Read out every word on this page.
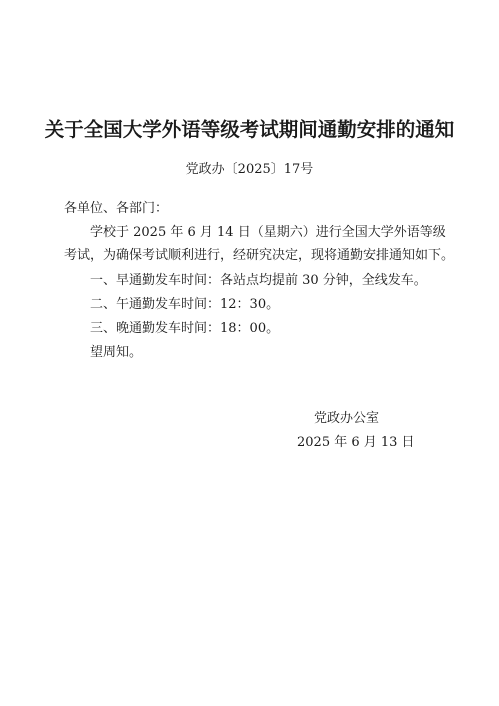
关于全国大学外语等级考试期间通勤安排的通知
党政办〔2025〕17号
各单位、各部门：
学校于 2025 年 6 月 14 日（星期六）进行全国大学外语等级
考试，为确保考试顺利进行，经研究决定，现将通勤安排通知如下。
一、早通勤发车时间：各站点均提前 30 分钟，全线发车。
二、午通勤发车时间：12：30。
三、晚通勤发车时间：18：00。
望周知。
党政办公室
2025 年 6 月 13 日
